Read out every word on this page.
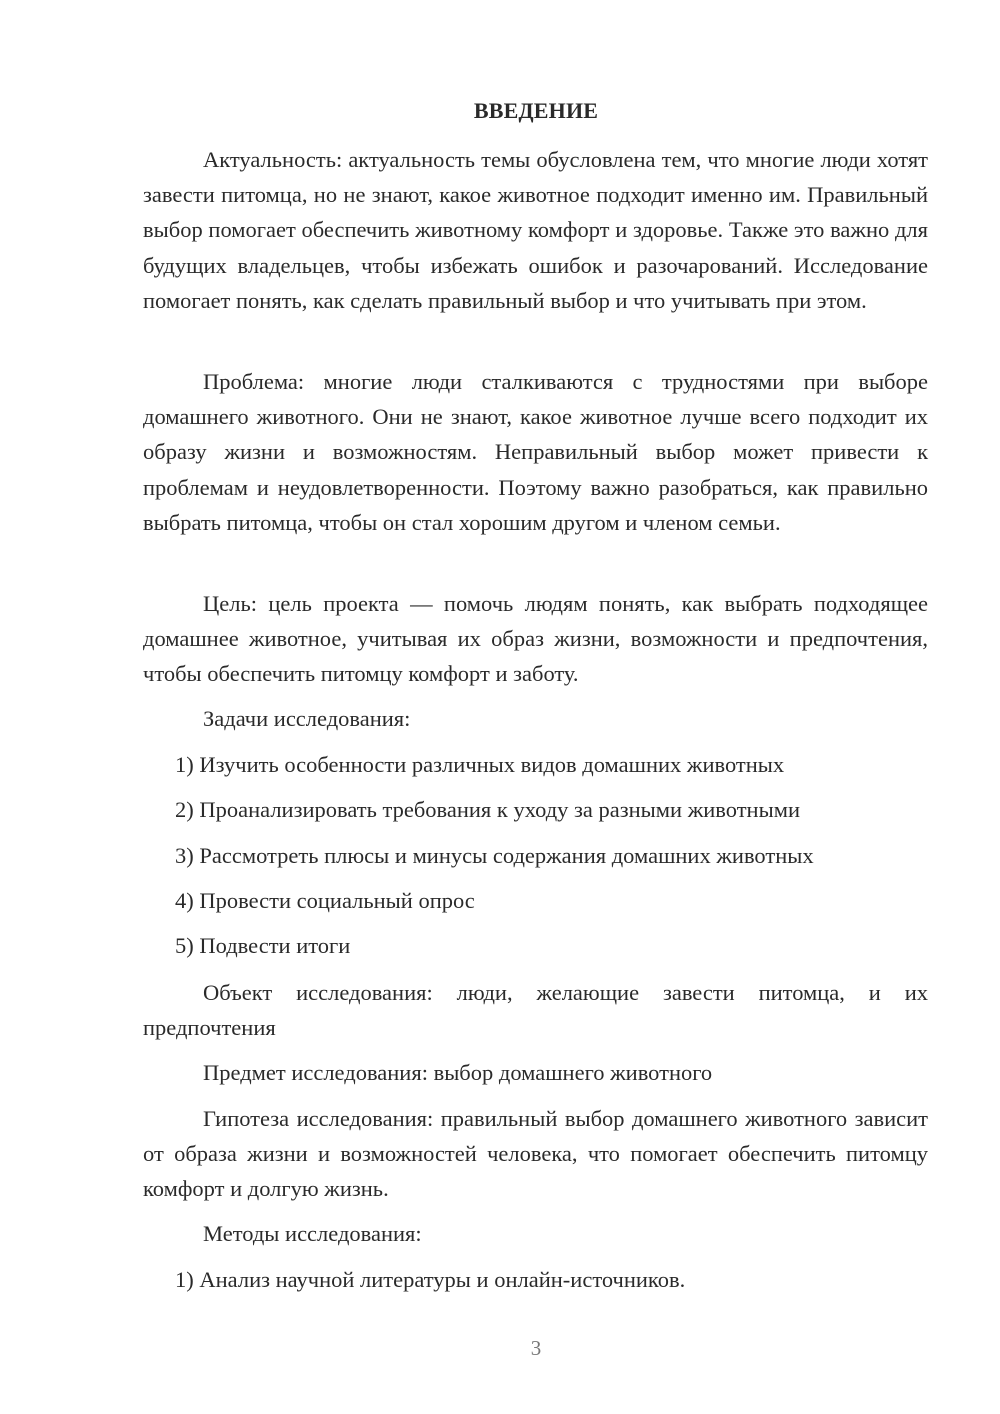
ВВЕДЕНИЕ

Актуальность: актуальность темы обусловлена тем, что многие люди хотят завести питомца, но не знают, какое животное подходит именно им. Правильный выбор помогает обеспечить животному комфорт и здоровье. Также это важно для будущих владельцев, чтобы избежать ошибок и разочарований. Исследование помогает понять, как сделать правильный выбор и что учитывать при этом.

Проблема: многие люди сталкиваются с трудностями при выборе домашнего животного. Они не знают, какое животное лучше всего подходит их образу жизни и возможностям. Неправильный выбор может привести к проблемам и неудовлетворенности. Поэтому важно разобраться, как правильно выбрать питомца, чтобы он стал хорошим другом и членом семьи.

Цель: цель проекта — помочь людям понять, как выбрать подходящее домашнее животное, учитывая их образ жизни, возможности и предпочтения, чтобы обеспечить питомцу комфорт и заботу.

Задачи исследования:

1) Изучить особенности различных видов домашних животных

2) Проанализировать требования к уходу за разными животными

3) Рассмотреть плюсы и минусы содержания домашних животных

4) Провести социальный опрос

5) Подвести итоги

Объект исследования: люди, желающие завести питомца, и их предпочтения

Предмет исследования: выбор домашнего животного

Гипотеза исследования: правильный выбор домашнего животного зависит от образа жизни и возможностей человека, что помогает обеспечить питомцу комфорт и долгую жизнь.

Методы исследования:

1) Анализ научной литературы и онлайн-источников.

3
